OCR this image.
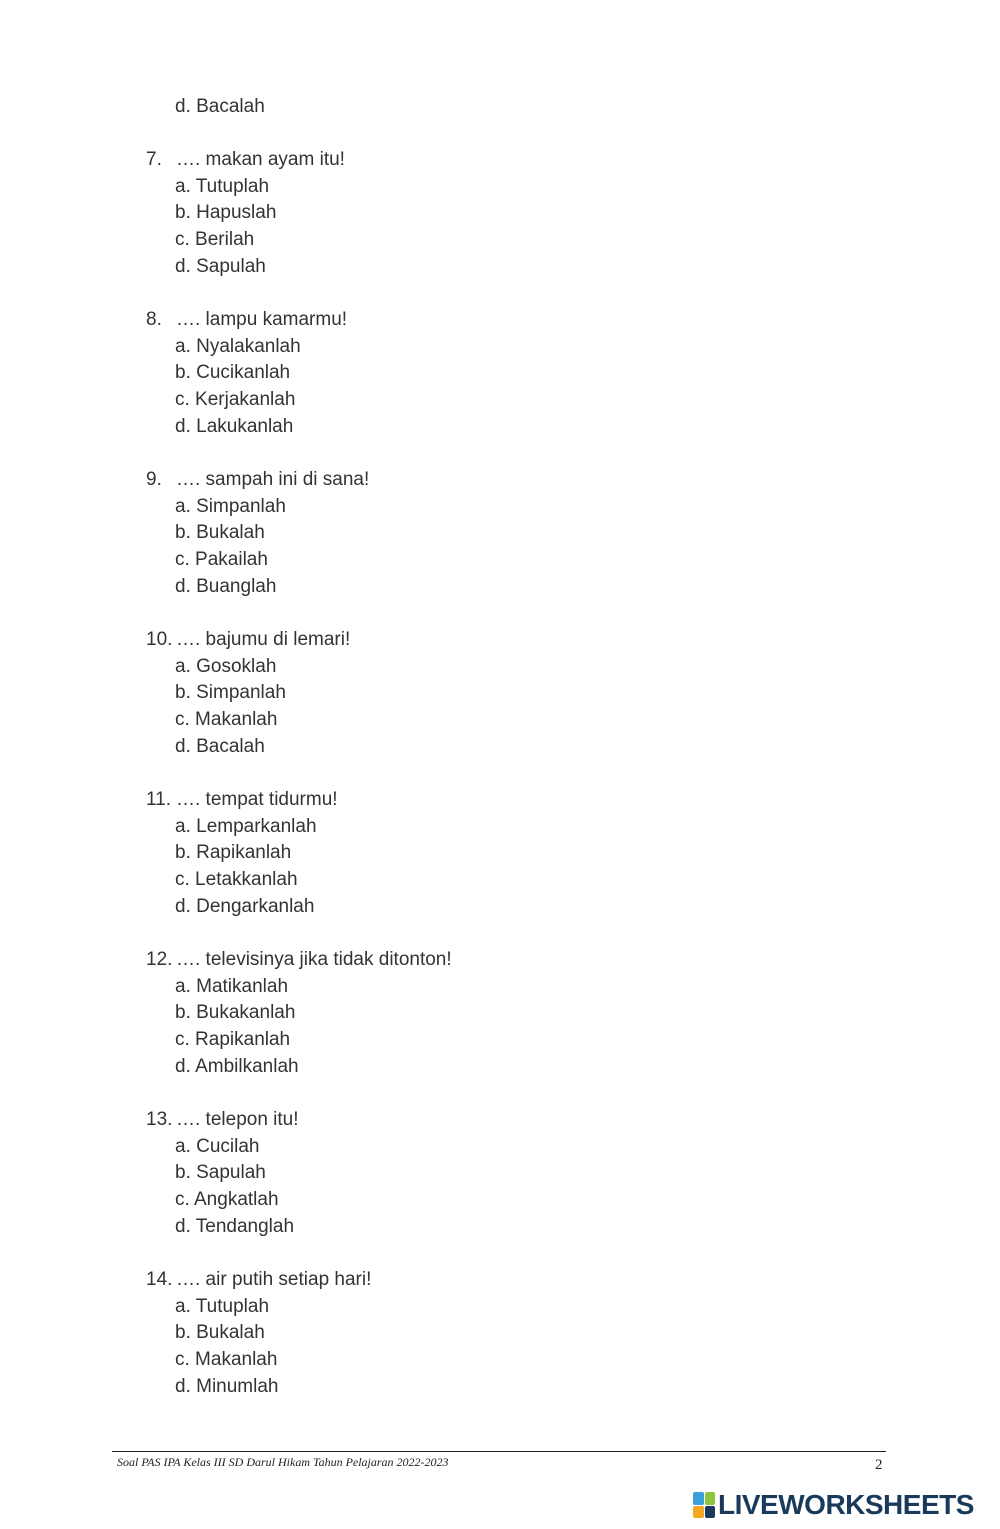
d. Bacalah
7. …. makan ayam itu!
a. Tutuplah
b. Hapuslah
c. Berilah
d. Sapulah
8. …. lampu kamarmu!
a. Nyalakanlah
b. Cucikanlah
c. Kerjakanlah
d. Lakukanlah
9. …. sampah ini di sana!
a. Simpanlah
b. Bukalah
c. Pakailah
d. Buanglah
10. …. bajumu di lemari!
a. Gosoklah
b. Simpanlah
c. Makanlah
d. Bacalah
11. …. tempat tidurmu!
a. Lemparkanlah
b. Rapikanlah
c. Letakkanlah
d. Dengarkanlah
12. …. televisinya jika tidak ditonton!
a. Matikanlah
b. Bukakanlah
c. Rapikanlah
d. Ambilkanlah
13. …. telepon itu!
a. Cucilah
b. Sapulah
c. Angkatlah
d. Tendanglah
14. …. air putih setiap hari!
a. Tutuplah
b. Bukalah
c. Makanlah
d. Minumlah
Soal PAS IPA Kelas III SD Darul Hikam Tahun Pelajaran 2022-2023	2
LIVEWORKSHEETS
